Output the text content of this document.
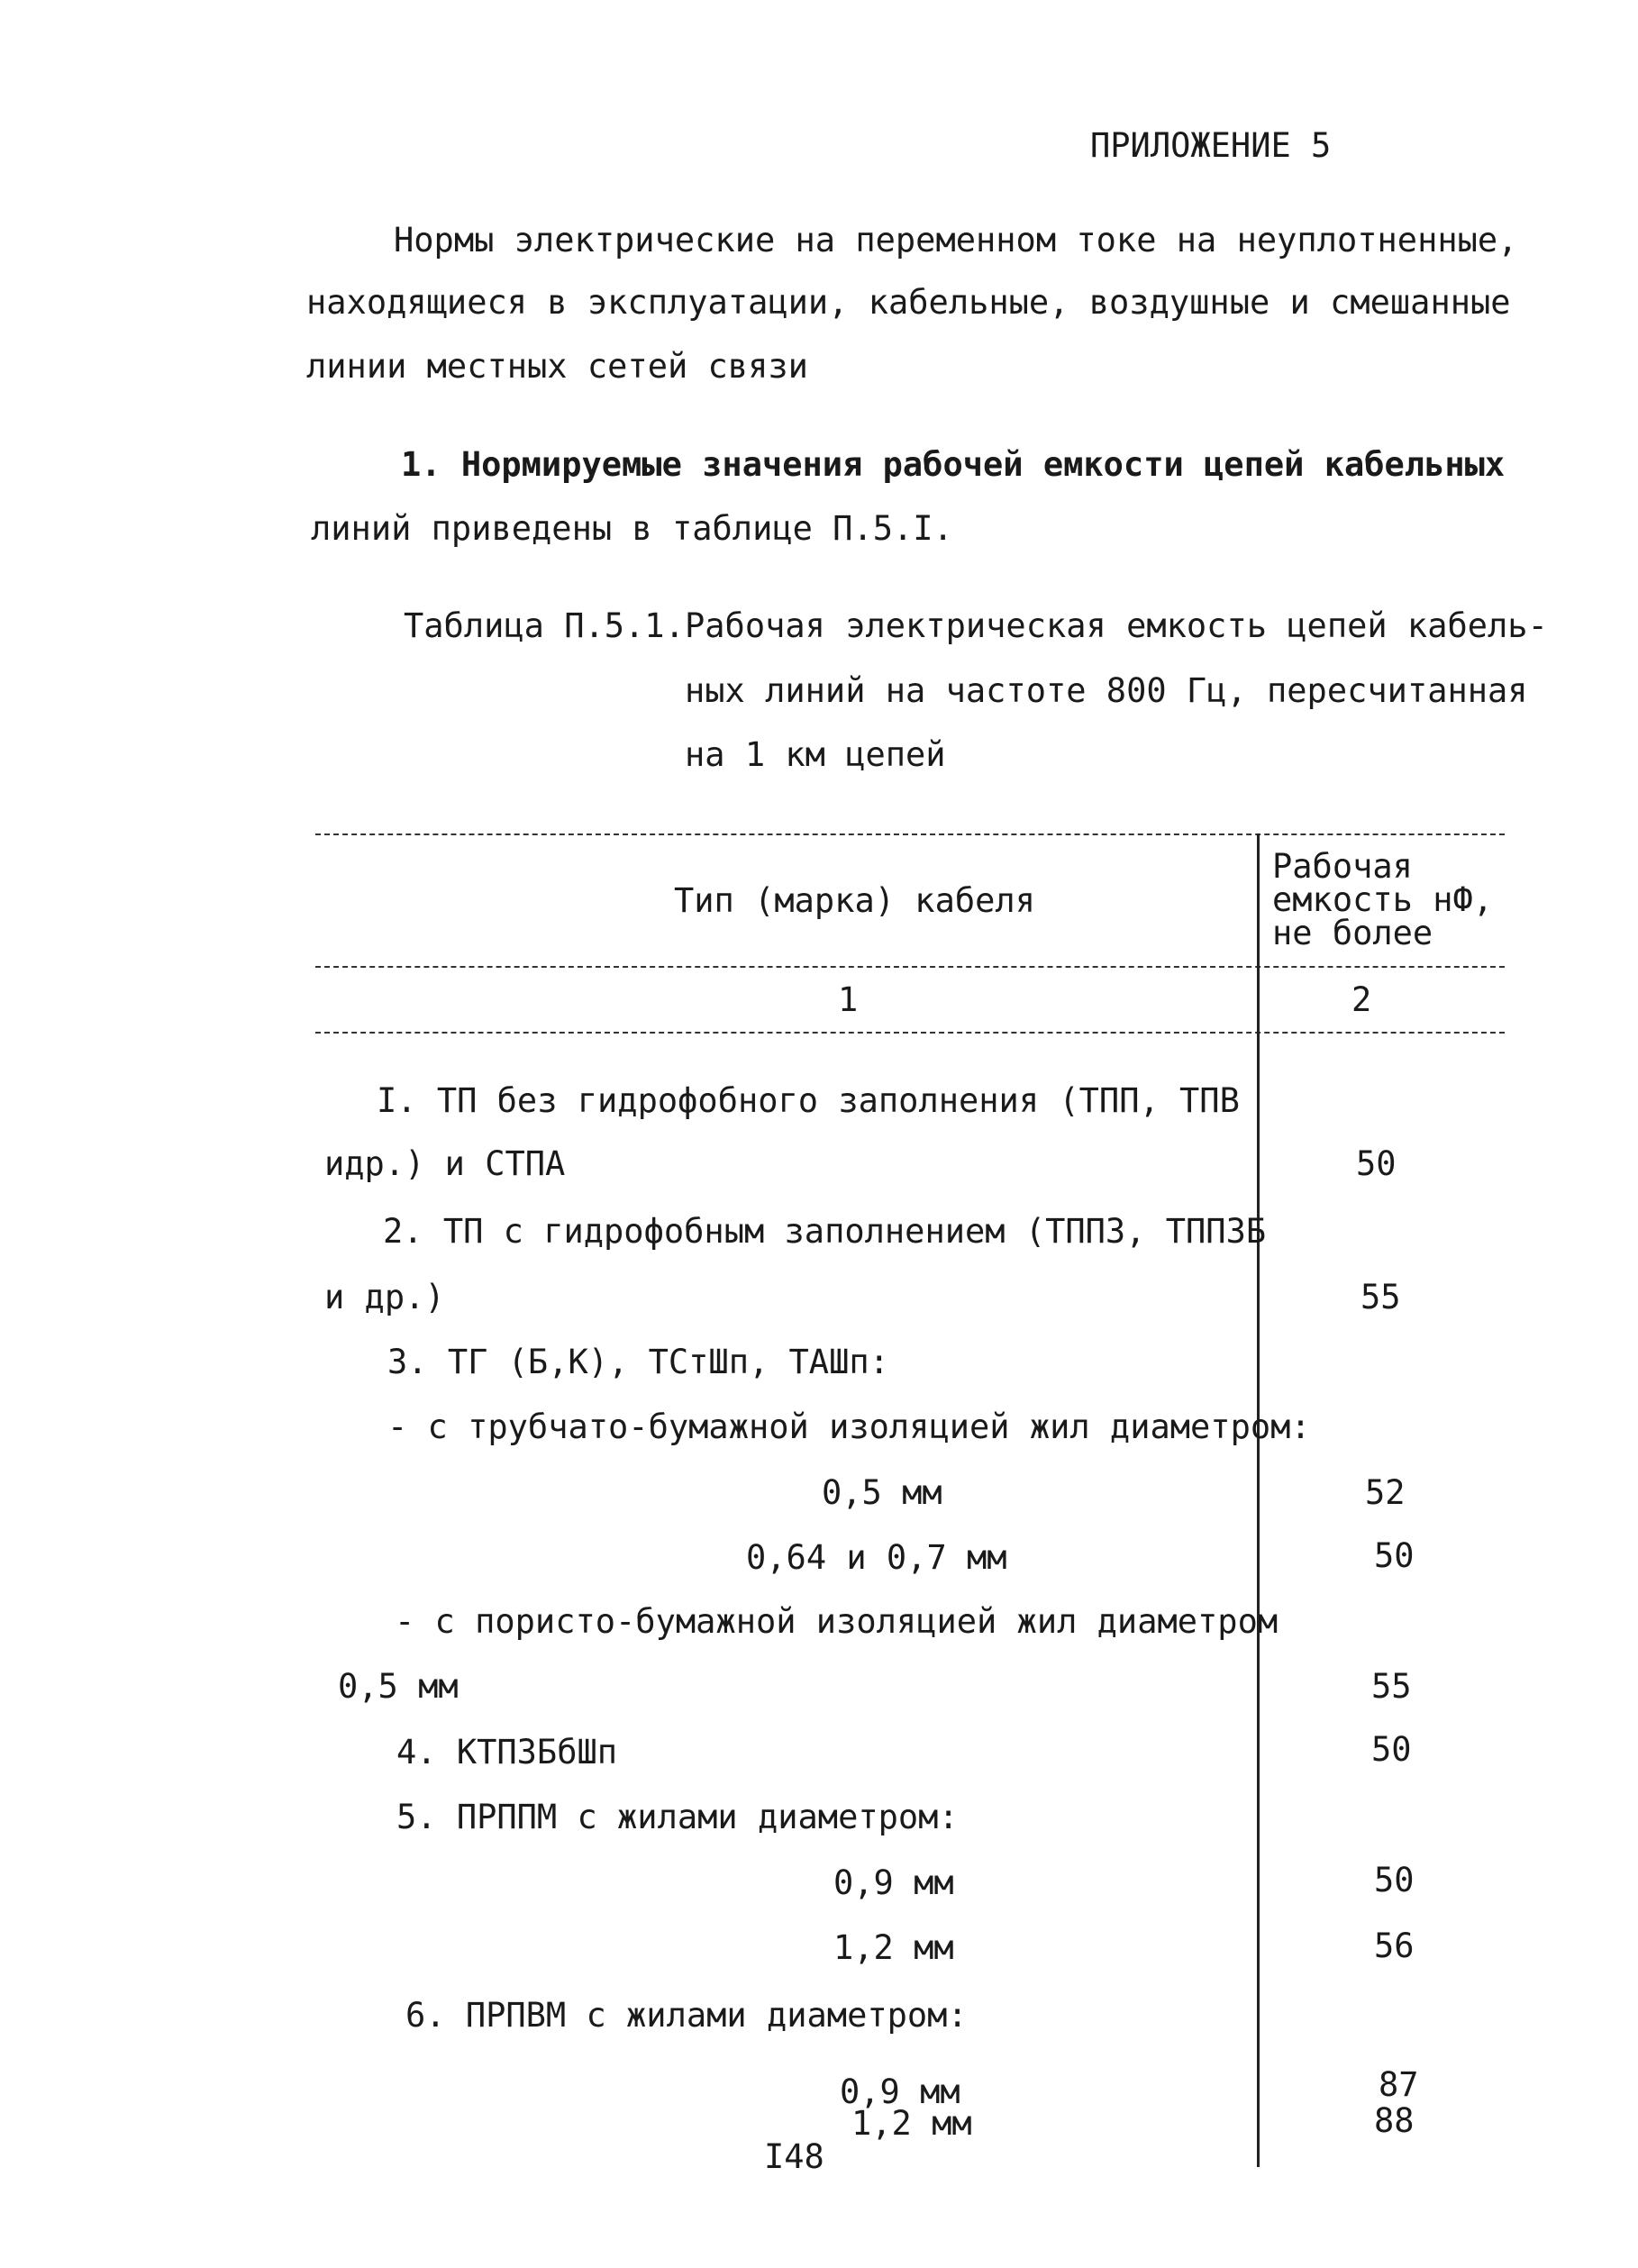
ПРИЛОЖЕНИЕ 5
Нормы электрические на переменном токе на неуплотненные,
находящиеся в эксплуатации, кабельные, воздушные и смешанные
линии местных сетей связи
1. Нормируемые значения рабочей емкости цепей кабельных
линий приведены в таблице П.5.I.
Таблица П.5.1. Рабочая электрическая емкость цепей кабель-
ных линий на частоте 800 Гц, пересчитанная
на 1 км цепей
Тип (марка) кабеля
Рабочая
емкость нФ,
не более
1	2
I. ТП без гидрофобного заполнения (ТПП, ТПВ
идр.) и СТПА	50
2. ТП с гидрофобным заполнением (ТППЗ, ТППЗБ
и др.)	55
3. ТГ (Б,К), ТСтШп, ТАШп:
- с трубчато-бумажной изоляцией жил диаметром:
0,5 мм	52
0,64 и 0,7 мм	50
- с пористо-бумажной изоляцией жил диаметром
0,5 мм	55
4. КТПЗБбШп	50
5. ПРППМ с жилами диаметром:
0,9 мм	50
1,2 мм	56
6. ПРПВМ с жилами диаметром:
0,9 мм	87
1,2 мм	88
I48
